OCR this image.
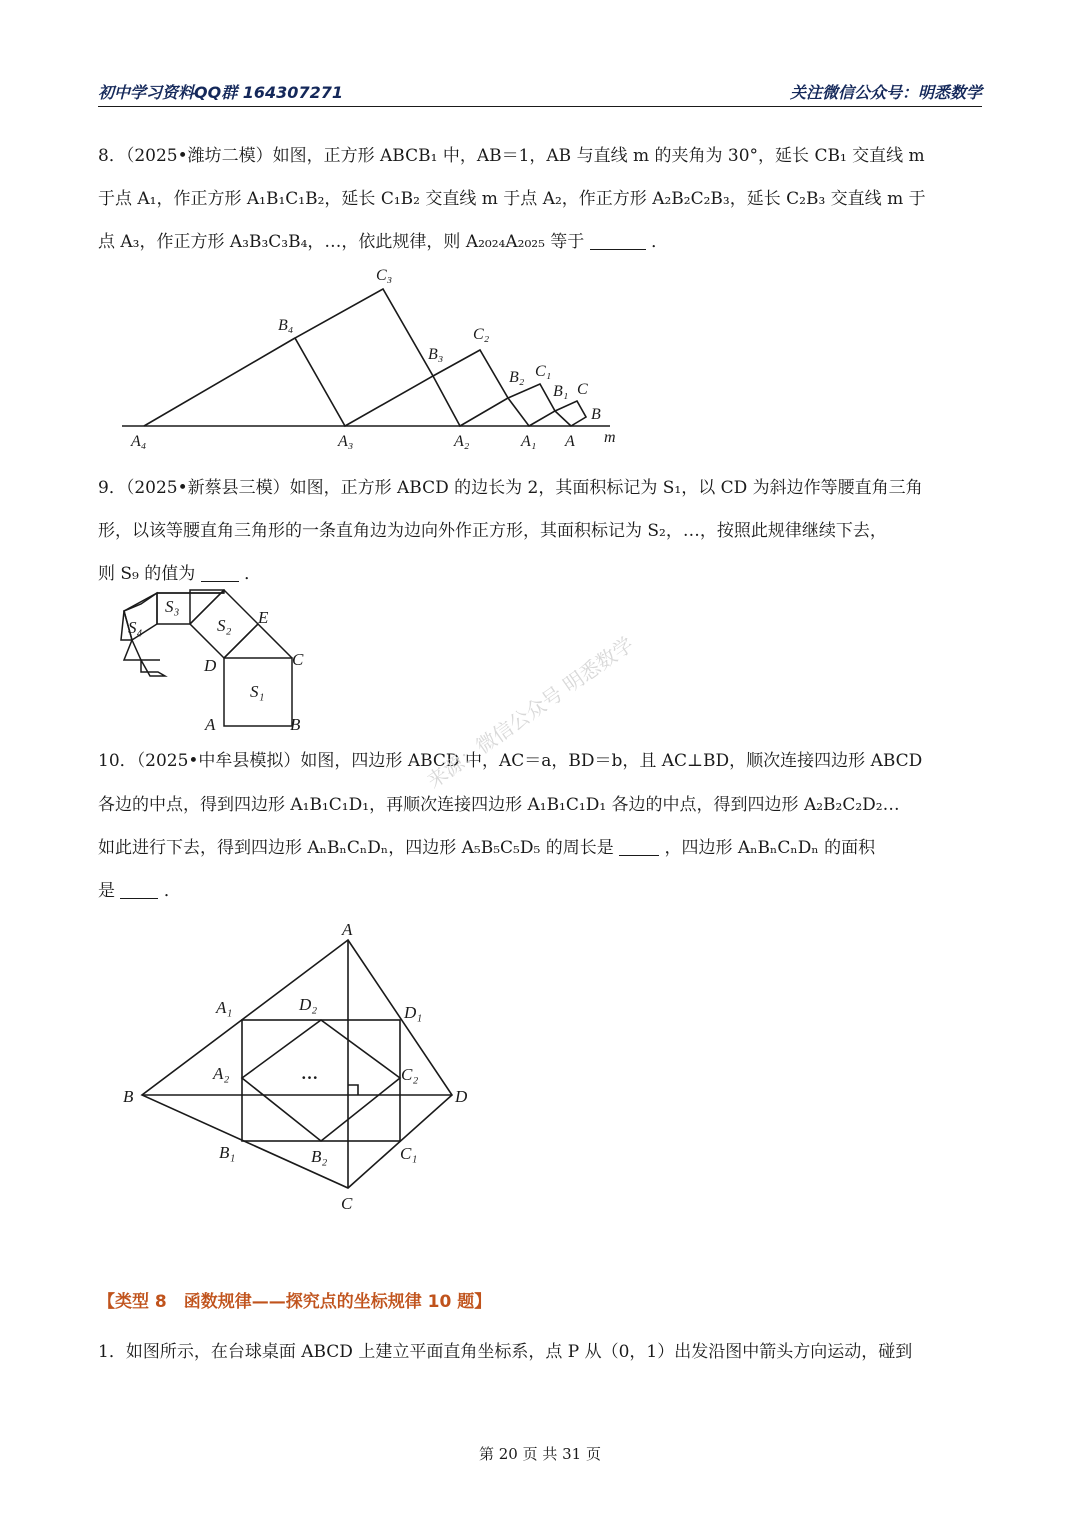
初中学习资料QQ群 164307271	关注微信公众号：明悉数学
8．（2025•潍坊二模）如图，正方形 ABCB₁ 中，AB＝1，AB 与直线 m 的夹角为 30°，延长 CB₁ 交直线 m
于点 A₁，作正方形 A₁B₁C₁B₂，延长 C₁B₂ 交直线 m 于点 A₂，作正方形 A₂B₂C₂B₃，延长 C₂B₃ 交直线 m 于
点 A₃，作正方形 A₃B₃C₃B₄，…，依此规律，则 A₂₀₂₄A₂₀₂₅ 等于	．
C₃
B₄
C₂
B₃
C₁
B₂
B₁ C
B
A₄	A₃	A₂	A₁ A m
S₃
S₂ E
S₄
D	C
S₁
A	B
A
A₁	D₂	D₁
A₂	…	C₂
B	D
B₁	B₂	C₁
C
9．（2025•新蔡县三模）如图，正方形 ABCD 的边长为 2，其面积标记为 S₁，以 CD 为斜边作等腰直角三角
形，以该等腰直角三角形的一条直角边为边向外作正方形，其面积标记为 S₂，…，按照此规律继续下去，
则 S₉ 的值为	．
10．（2025•中牟县模拟）如图，四边形 ABCD 中，AC＝a，BD＝b，且 AC⊥BD，顺次连接四边形 ABCD
各边的中点，得到四边形 A₁B₁C₁D₁，再顺次连接四边形 A₁B₁C₁D₁ 各边的中点，得到四边形 A₂B₂C₂D₂…
如此进行下去，得到四边形 AₙBₙCₙDₙ，四边形 A₅B₅C₅D₅ 的周长是	，四边形 AₙBₙCₙDₙ 的面积
是	．
来源：微信公众号 明悉数学
【类型 8　函数规律——探究点的坐标规律 10 题】
1．如图所示，在台球桌面 ABCD 上建立平面直角坐标系，点 P 从（0，1）出发沿图中箭头方向运动，碰到
第 20 页 共 31 页
